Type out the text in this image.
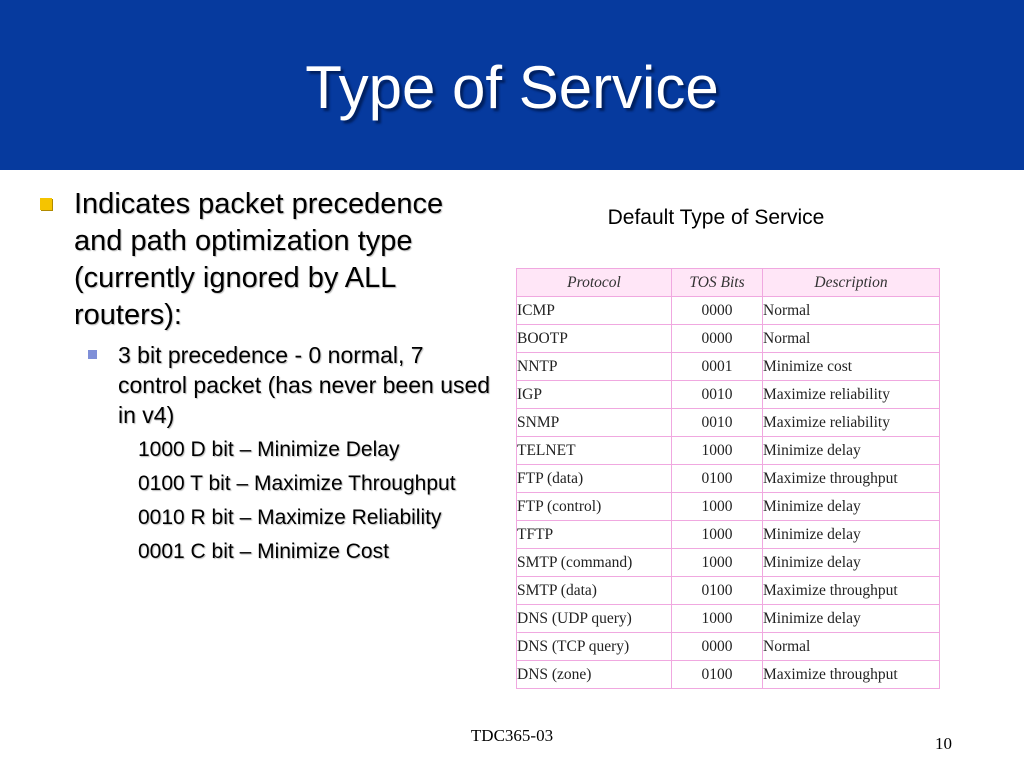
Type of Service
Indicates packet precedence and path optimization type (currently ignored by ALL routers):
3 bit precedence - 0 normal, 7 control packet (has never been used in v4)
1000 D bit – Minimize Delay
0100 T bit – Maximize Throughput
0010 R bit – Maximize Reliability
0001 C bit – Minimize Cost
Default Type of Service
Protocol	TOS Bits	Description
ICMP	0000	Normal
BOOTP	0000	Normal
NNTP	0001	Minimize cost
IGP	0010	Maximize reliability
SNMP	0010	Maximize reliability
TELNET	1000	Minimize delay
FTP (data)	0100	Maximize throughput
FTP (control)	1000	Minimize delay
TFTP	1000	Minimize delay
SMTP (command)	1000	Minimize delay
SMTP (data)	0100	Maximize throughput
DNS (UDP query)	1000	Minimize delay
DNS (TCP query)	0000	Normal
DNS (zone)	0100	Maximize throughput
TDC365-03	10
